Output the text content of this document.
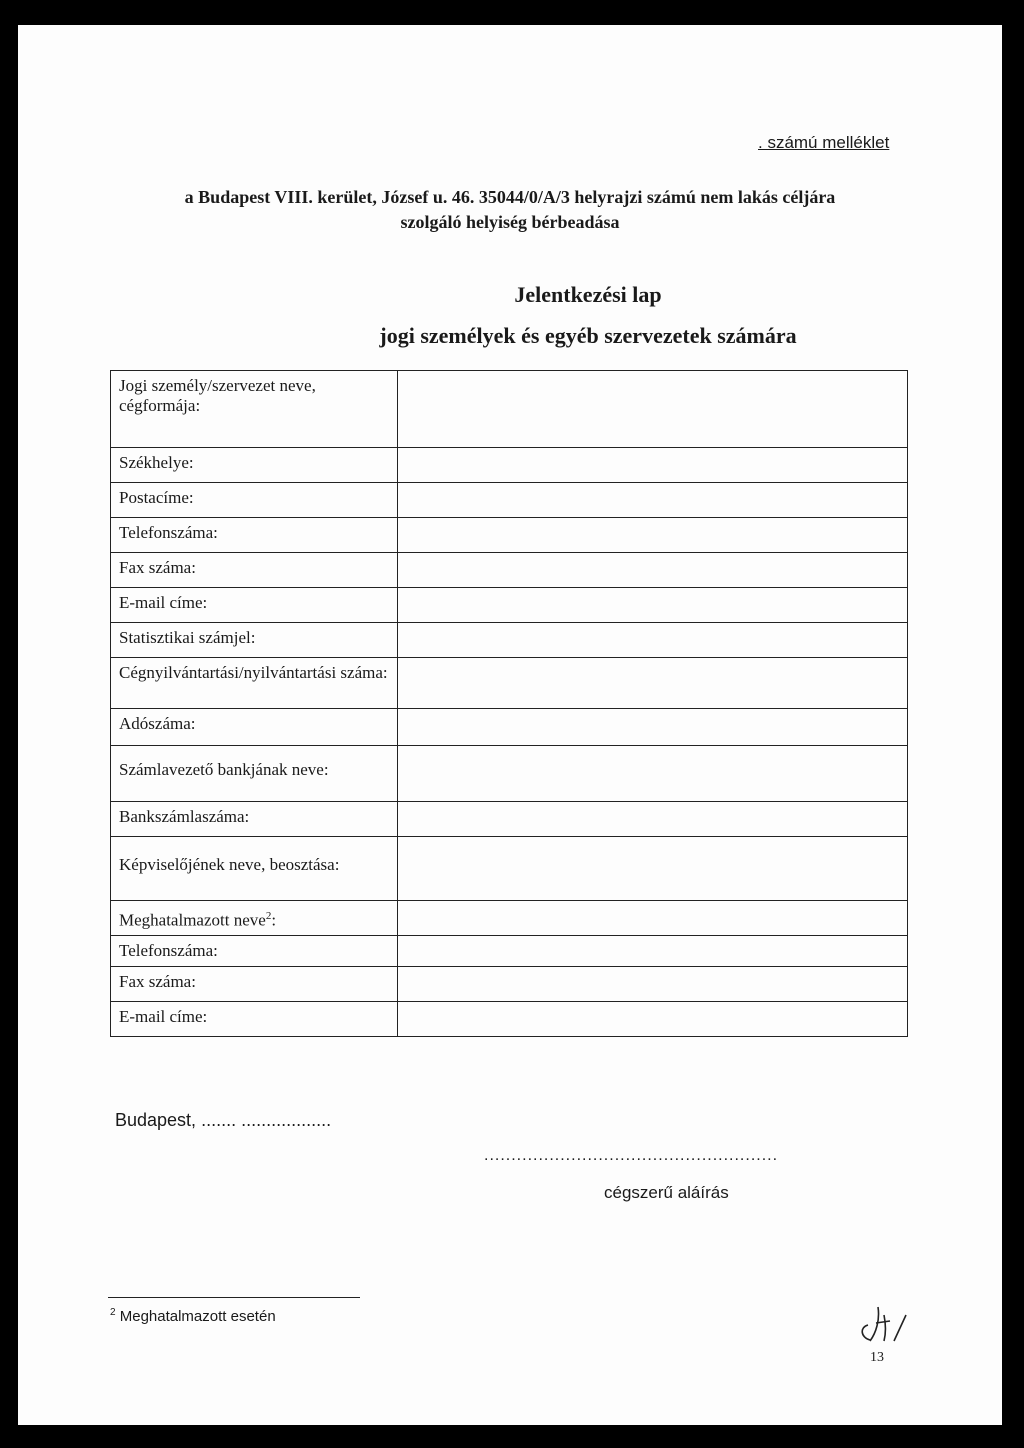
. számú melléklet
a Budapest VIII. kerület, József u. 46. 35044/0/A/3 helyrajzi számú nem lakás céljára
szolgáló helyiség bérbeadása
Jelentkezési lap
jogi személyek és egyéb szervezetek számára
Jogi személy/szervezet neve, cégformája:
Székhelye:
Postacíme:
Telefonszáma:
Fax száma:
E-mail címe:
Statisztikai számjel:
Cégnyilvántartási/nyilvántartási száma:
Adószáma:
Számlavezető bankjának neve:
Bankszámlaszáma:
Képviselőjének neve, beosztása:
Meghatalmazott neve$^2$:
Telefonszáma:
Fax száma:
E-mail címe:
Budapest, ....... ..................
......................................................
cégszerű aláírás
$^2$ Meghatalmazott esetén
13
